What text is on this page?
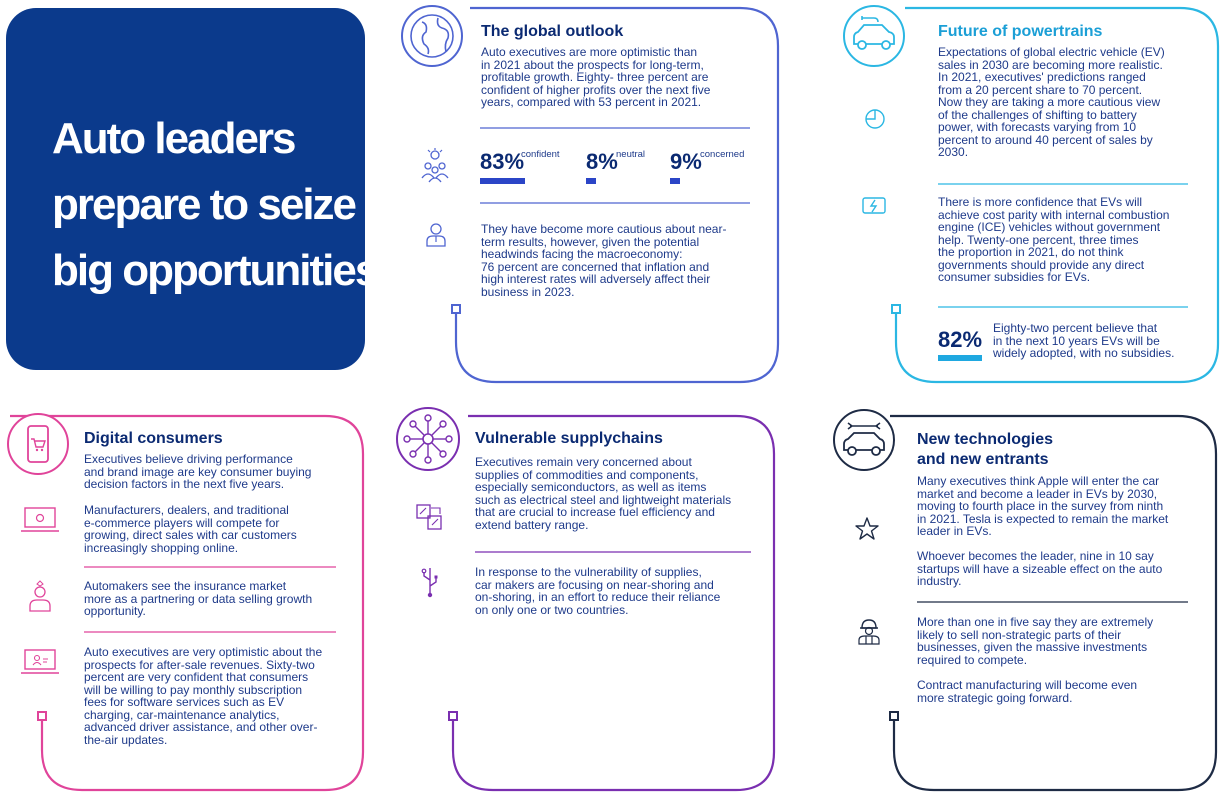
Auto leaders
prepare to seize
big opportunities
The global outlook
Auto executives are more optimistic than
in 2021 about the prospects for long-term,
profitable growth. Eighty- three percent are
confident of higher profits over the next five
years, compared with 53 percent in 2021.
83%
confident 8%
neutral 9%
concerned
They have become more cautious about near-
term results, however, given the potential
headwinds facing the macroeconomy:
76 percent are concerned that inflation and
high interest rates will adversely affect their
business in 2023.
Future of powertrains
Expectations of global electric vehicle (EV)
sales in 2030 are becoming more realistic.
In 2021, executives' predictions ranged
from a 20 percent share to 70 percent.
Now they are taking a more cautious view
of the challenges of shifting to battery
power, with forecasts varying from 10
percent to around 40 percent of sales by
2030.
There is more confidence that EVs will
achieve cost parity with internal combustion
engine (ICE) vehicles without government
help. Twenty-one percent, three times
the proportion in 2021, do not think
governments should provide any direct
consumer subsidies for EVs.
82% Eighty-two percent believe that
in the next 10 years EVs will be
widely adopted, with no subsidies.
Digital consumers
Executives believe driving performance
and brand image are key consumer buying
decision factors in the next five years.
Manufacturers, dealers, and traditional
e-commerce players will compete for
growing, direct sales with car customers
increasingly shopping online.
Automakers see the insurance market
more as a partnering or data selling growth
opportunity.
Auto executives are very optimistic about the
prospects for after-sale revenues. Sixty-two
percent are very confident that consumers
will be willing to pay monthly subscription
fees for software services such as EV
charging, car-maintenance analytics,
advanced driver assistance, and other over-
the-air updates.
Vulnerable supplychains
Executives remain very concerned about
supplies of commodities and components,
especially semiconductors, as well as items
such as electrical steel and lightweight materials
that are crucial to increase fuel efficiency and
extend battery range.
In response to the vulnerability of supplies,
car makers are focusing on near-shoring and
on-shoring, in an effort to reduce their reliance
on only one or two countries.
New technologies
and new entrants
Many executives think Apple will enter the car
market and become a leader in EVs by 2030,
moving to fourth place in the survey from ninth
in 2021. Tesla is expected to remain the market
leader in EVs.
Whoever becomes the leader, nine in 10 say
startups will have a sizeable effect on the auto
industry.
More than one in five say they are extremely
likely to sell non-strategic parts of their
businesses, given the massive investments
required to compete.
Contract manufacturing will become even
more strategic going forward.
